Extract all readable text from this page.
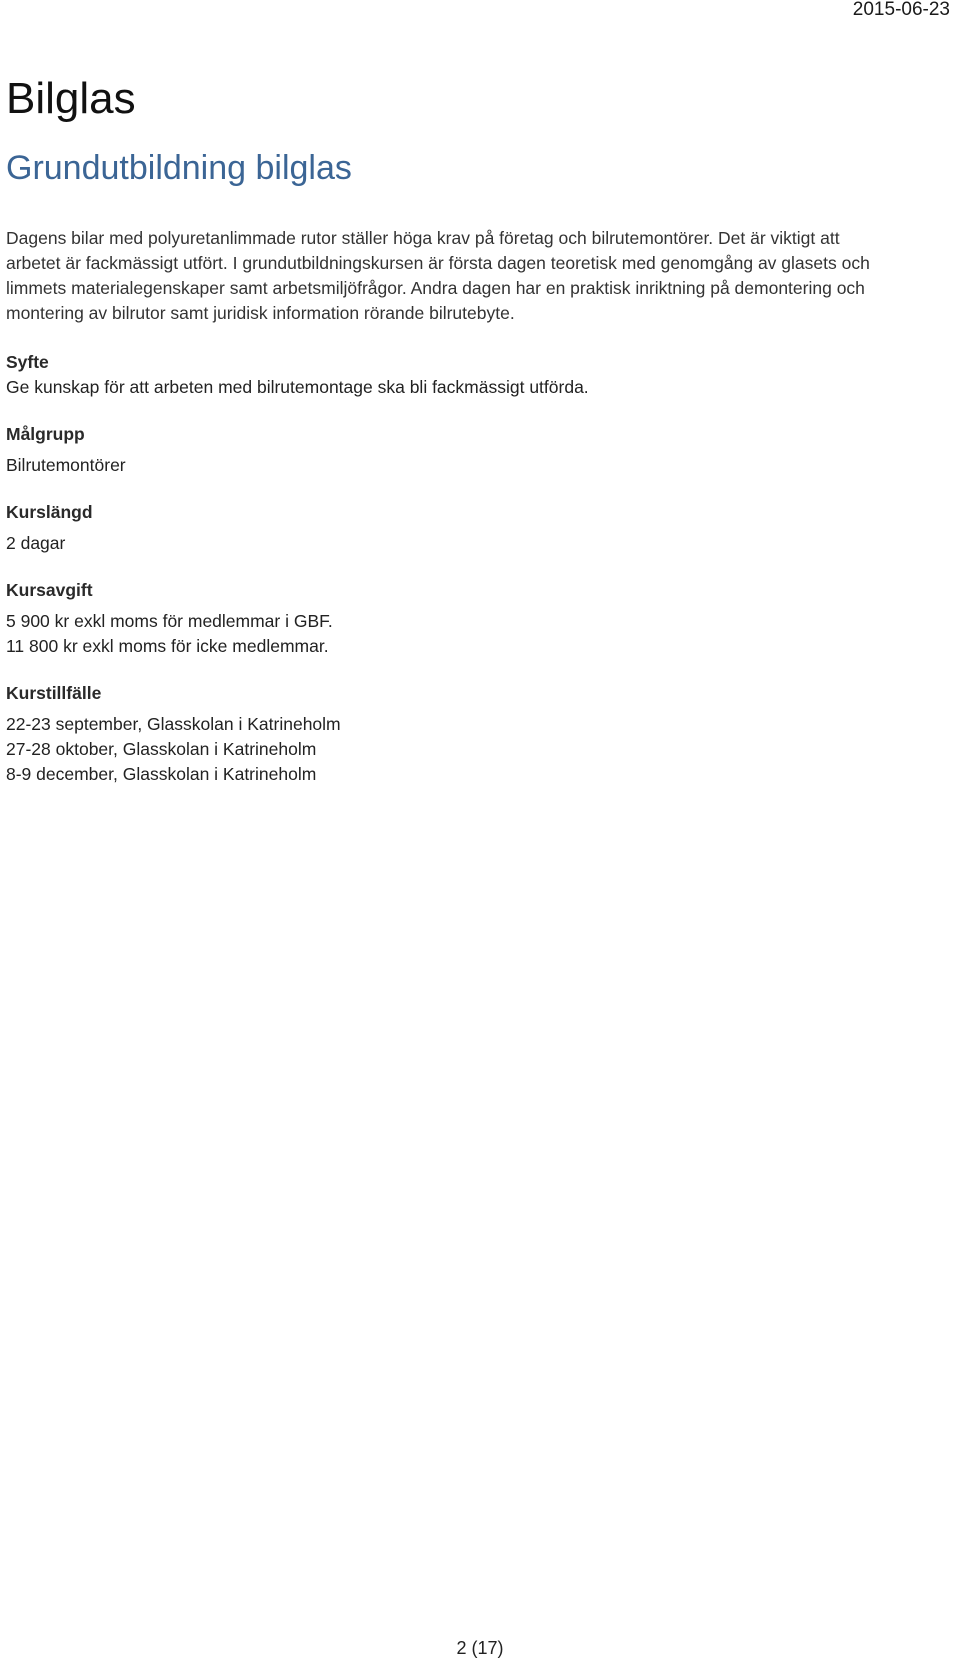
2015-06-23
Bilglas
Grundutbildning bilglas

Dagens bilar med polyuretanlimmade rutor ställer höga krav på företag och bilrutemontörer. Det är viktigt att
arbetet är fackmässigt utfört. I grundutbildningskursen är första dagen teoretisk med genomgång av glasets och
limmets materialegenskaper samt arbetsmiljöfrågor. Andra dagen har en praktisk inriktning på demontering och
montering av bilrutor samt juridisk information rörande bilrutebyte.

Syfte

Ge kunskap för att arbeten med bilrutemontage ska bli fackmässigt utförda.

Målgrupp

Bilrutemontörer

Kurslängd

2 dagar

Kursavgift

5 900 kr exkl moms för medlemmar i GBF.

11 800 kr exkl moms för icke medlemmar.

Kurstillfälle

22-23 september, Glasskolan i Katrineholm

27-28 oktober, Glasskolan i Katrineholm

8-9 december, Glasskolan i Katrineholm

2 (17)
